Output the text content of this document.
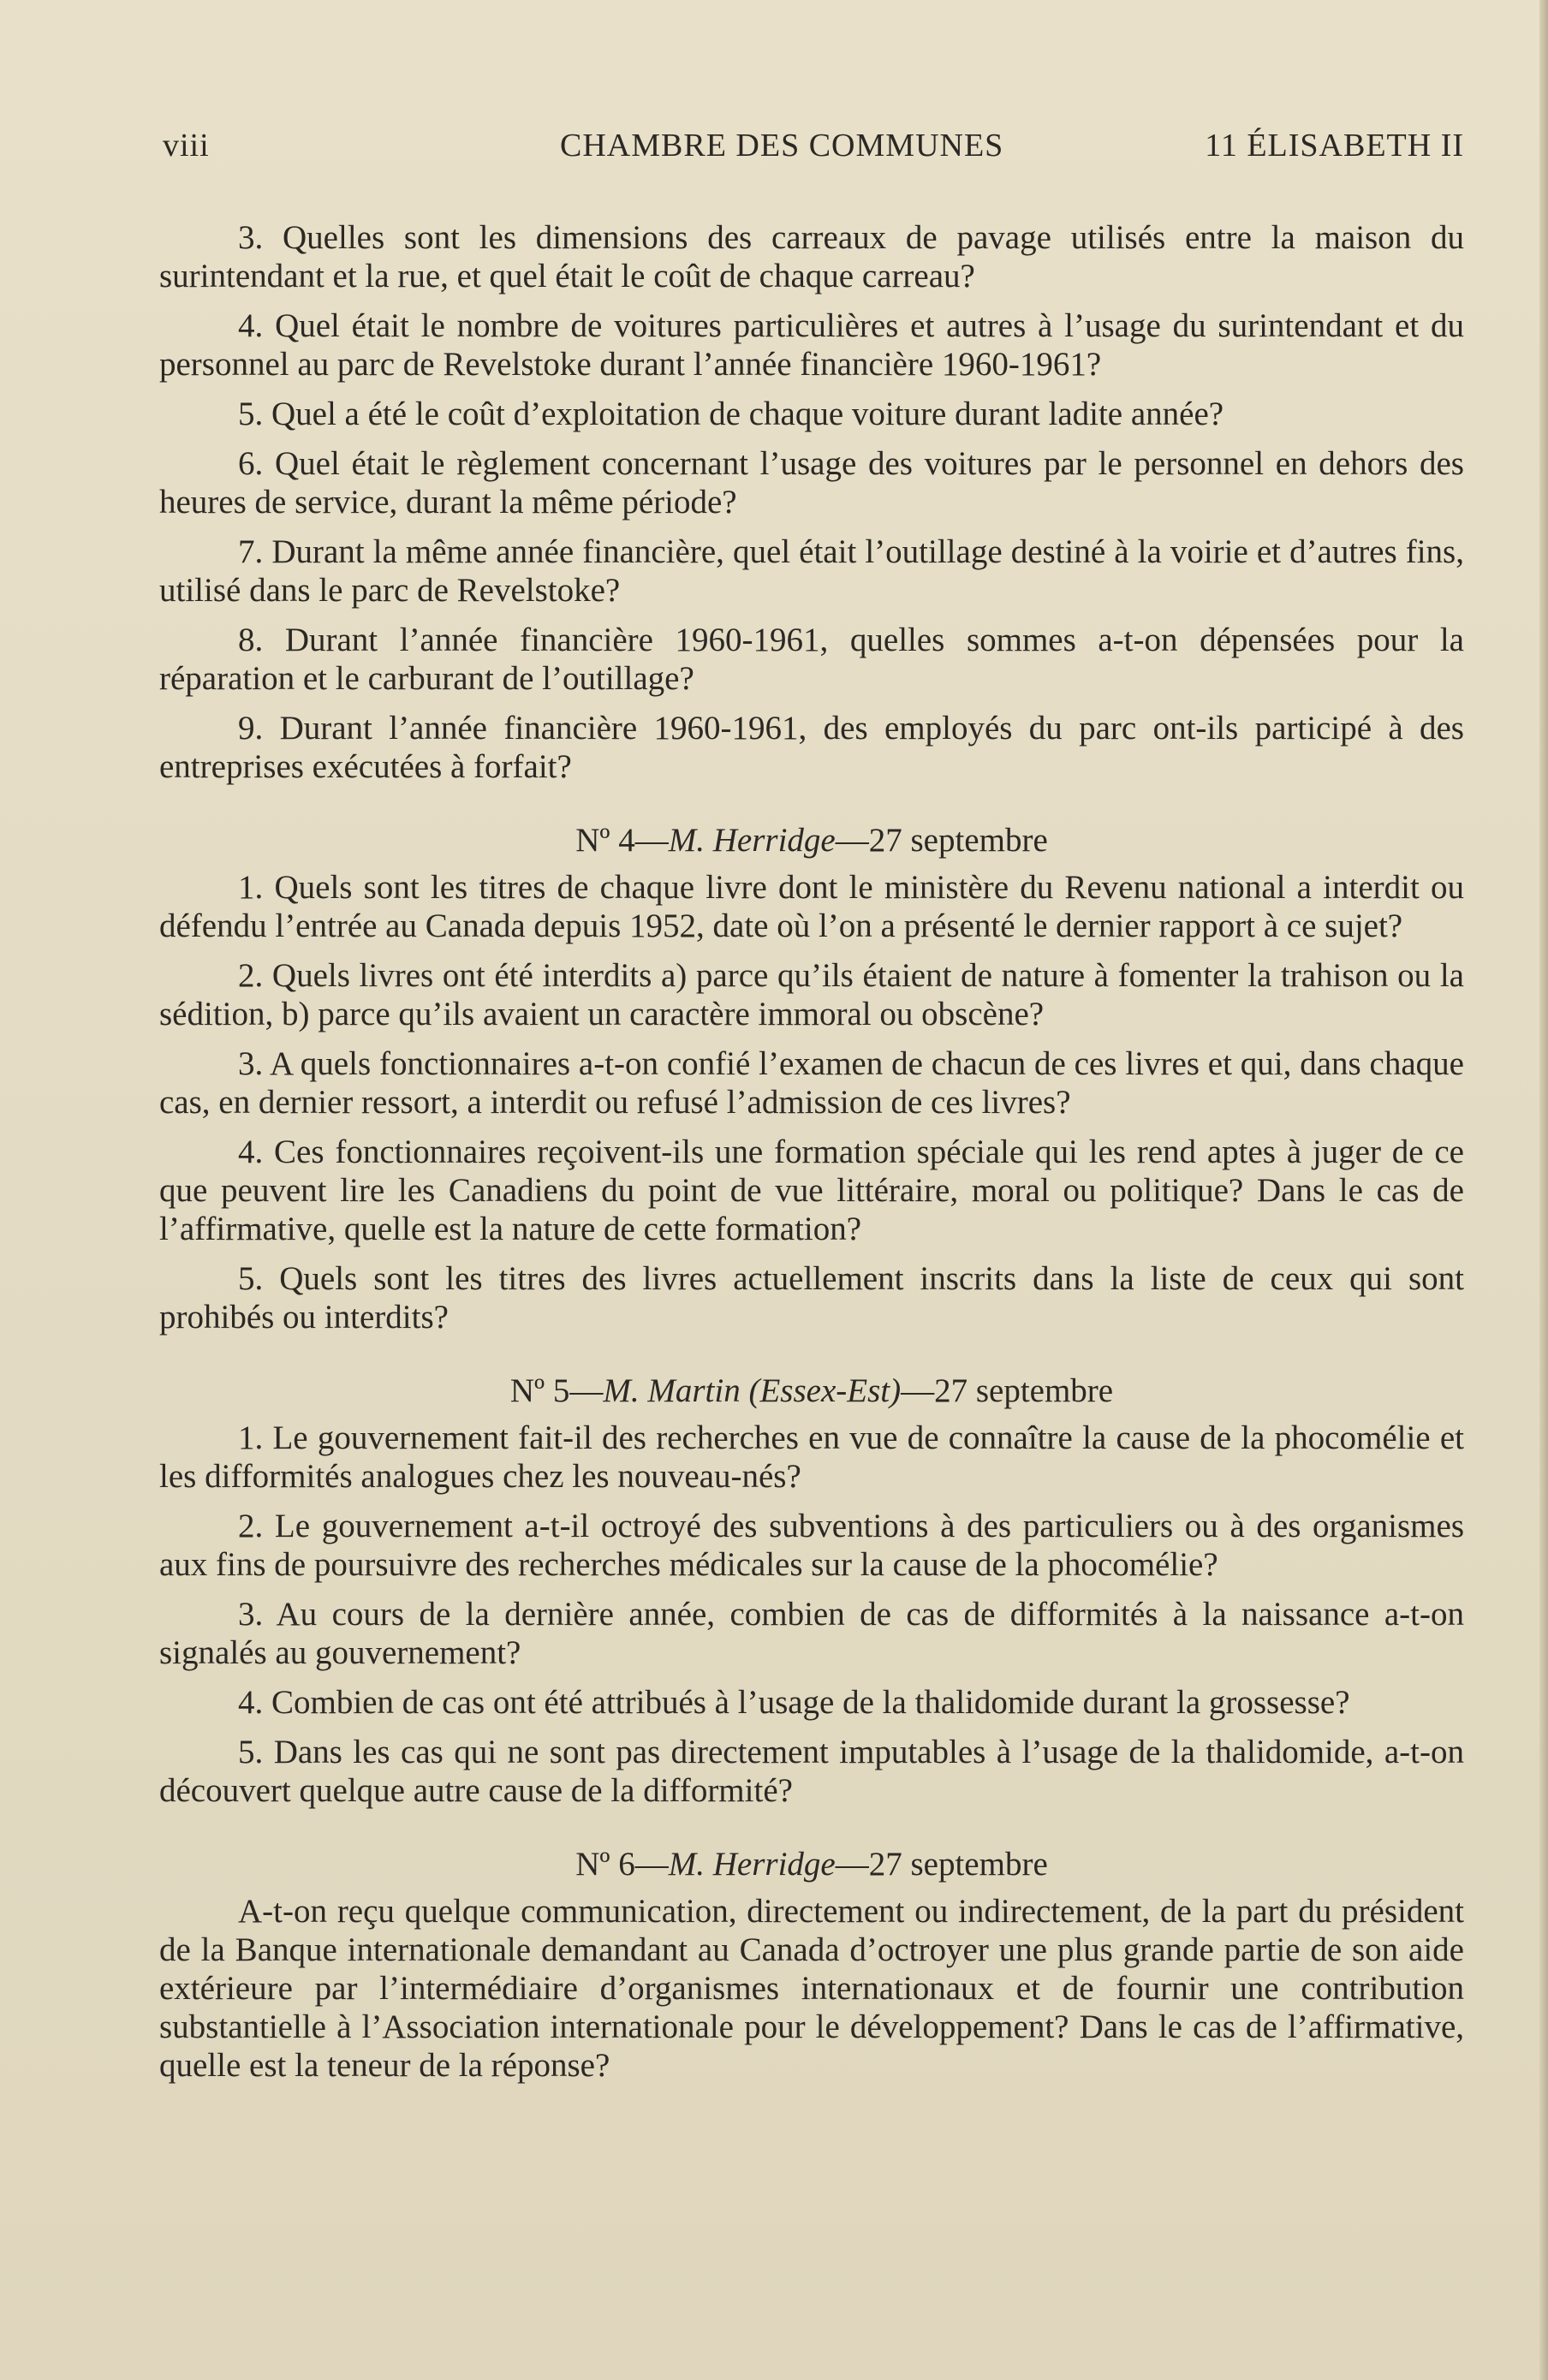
viii	CHAMBRE DES COMMUNES	11 ÉLISABETH II

3. Quelles sont les dimensions des carreaux de pavage utilisés entre la maison du surintendant et la rue, et quel était le coût de chaque carreau?

4. Quel était le nombre de voitures particulières et autres à l’usage du surintendant et du personnel au parc de Revelstoke durant l’année financière 1960-1961?

5. Quel a été le coût d’exploitation de chaque voiture durant ladite année?

6. Quel était le règlement concernant l’usage des voitures par le personnel en dehors des heures de service, durant la même période?

7. Durant la même année financière, quel était l’outillage destiné à la voirie et d’autres fins, utilisé dans le parc de Revelstoke?

8. Durant l’année financière 1960-1961, quelles sommes a-t-on dépensées pour la réparation et le carburant de l’outillage?

9. Durant l’année financière 1960-1961, des employés du parc ont-ils participé à des entreprises exécutées à forfait?

Nº 4—M. Herridge—27 septembre

1. Quels sont les titres de chaque livre dont le ministère du Revenu national a interdit ou défendu l’entrée au Canada depuis 1952, date où l’on a présenté le dernier rapport à ce sujet?

2. Quels livres ont été interdits a) parce qu’ils étaient de nature à fomenter la trahison ou la sédition, b) parce qu’ils avaient un caractère immoral ou obscène?

3. A quels fonctionnaires a-t-on confié l’examen de chacun de ces livres et qui, dans chaque cas, en dernier ressort, a interdit ou refusé l’admission de ces livres?

4. Ces fonctionnaires reçoivent-ils une formation spéciale qui les rend aptes à juger de ce que peuvent lire les Canadiens du point de vue littéraire, moral ou politique? Dans le cas de l’affirmative, quelle est la nature de cette formation?

5. Quels sont les titres des livres actuellement inscrits dans la liste de ceux qui sont prohibés ou interdits?

Nº 5—M. Martin (Essex-Est)—27 septembre

1. Le gouvernement fait-il des recherches en vue de connaître la cause de la phocomélie et les difformités analogues chez les nouveau-nés?

2. Le gouvernement a-t-il octroyé des subventions à des particuliers ou à des organismes aux fins de poursuivre des recherches médicales sur la cause de la phocomélie?

3. Au cours de la dernière année, combien de cas de difformités à la naissance a-t-on signalés au gouvernement?

4. Combien de cas ont été attribués à l’usage de la thalidomide durant la grossesse?

5. Dans les cas qui ne sont pas directement imputables à l’usage de la thalidomide, a-t-on découvert quelque autre cause de la difformité?

Nº 6—M. Herridge—27 septembre

A-t-on reçu quelque communication, directement ou indirectement, de la part du président de la Banque internationale demandant au Canada d’octroyer une plus grande partie de son aide extérieure par l’intermédiaire d’organismes internationaux et de fournir une contribution substantielle à l’Association internationale pour le développement? Dans le cas de l’affirmative, quelle est la teneur de la réponse?
